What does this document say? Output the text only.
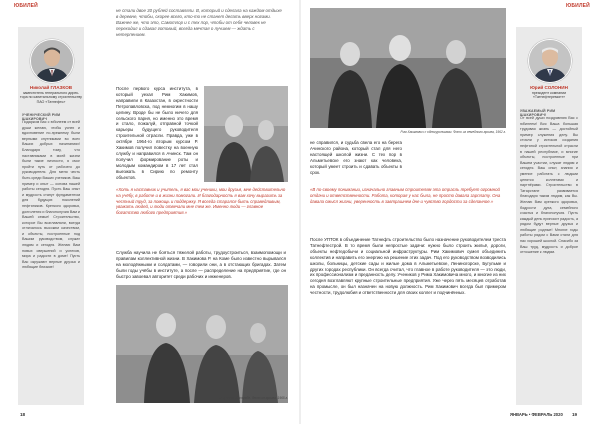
ЮБИЛЕЙ	ЮБИЛЕЙ
Николай ГЛАЗКОВ
заместитель генерального дирек-
тора по капитальному строительству
ПАО «Татнефть»
УЧЕНИЧЕСКИЙ РИМ ШАКИРОВИЧ
Подарком Вас с юбилеем от всей души желаю, чтобы успех и вдохновение по-прежнему были верными спутниками во всех Ваших добрых начинаниях! Благодаря тому, что наставниками в моей жизни были такие личности, я смог пройти путь от рабочего до руководителя. Для меня честь быть среди Ваших учеников. Ваш пример и опыт — основа нашей работы сегодня. Пусть Ваш опыт и мудрость станут фундаментом для будущих поколений нефтяников. Крепкого здоровья, долголетия и благополучия Вам и Вашей семье! Строительство, которое Вы возглавляли, всегда отличалось высоким качеством, и объекты, построенные под Вашим руководством, служат людям и сегодня. Желаю Вам новых свершений и успехов, мира и радости в доме! Пусть Вас окружают верные друзья и любящие близкие!
не стали двое 30 рублей составляли. В, который и сделала на каждом отдыхе в деревне, чтобы, скорее всего, кто-то не станет делать вверх ногами. Важнее же, что это, Самотлор и с тех пор, чтобы от себя человек не переходил и сдавал готовый, всегда мечтая о лучшем — ждать с нетерпением.
После первого курса института, в который уехал Рим Хакимов, направили в Казахстан, в окрестности Петропавловска, под немногим в нашу целину. Вроде бы не было ничего для сельского парня, но именно это время и стало, пожалуй, отправной точкой карьеры будущего руководителя строительной отрасли. Правда, уже в октябре 1964-го вторым курсом Р. Хакимов получил повестку на военную службу и направился в Ачинск. Там он получил формирование роты и молодым командиром в 17 лет стал выезжать в Сирию по ремонту объектов.
«Хоть я наставник и учитель, я вас мои ученики, мои друзья, мне действительно на учёбу, в работе и в жизни помогали. И благодарность я вам хочу выразить за честный труд, за помощь и поддержку. Я всегда старался быть справедливым, уважать людей, и люди отвечали мне тем же. Именно люди — главное богатство любого предприятия.»
Служба научила не бояться тяжелой работы, трудоустроиться, взаимопомощи и правилам коллективной жизни. В Хакимова Р. на Коме было известно вырывался на молодёжными и солдатами, — говорили они, а в отстающих бригадах. Затем были годы учёбы в институте, а после — распределение на предприятие, где он быстро завоевал авторитет среди рабочих и инженеров.
На армейской службе. Фото из архива, 1965 г.
Рим Хакимович с однокурсниками. Фото из семейного архива, 1962 г.
не справился, и судьба свела его на берега Ачинского района, который стал для него настоящей школой жизни. С тех пор в Альметьевске его знают как человека, который умеет строить и сдавать объекты в срок.
«В по-своему понимании, изначально главным строителям эта отрасль требует огромной отдачи и ответственности. Работа, которая у нас была, не просто давала зарплату. Она давала смысл жизни, уверенность в завтрашнем дне и чувство гордости за сделанное.»
После УПТОК в объединение Татнефть строительство было назначение руководителем треста Татнефтестрой. В то время были непростые задачи: нужно было строить жильё, дороги, объекты нефтедобычи и социальной инфраструктуры. Рим Хакимович сумел объединить коллектив и направить его энергию на решение этих задач. Под его руководством возводились школы, больницы, детские сады и жилые дома в Альметьевске, Лениногорске, Бугульме и других городах республики. Он всегда считал, что главное в работе руководителя — это люди, их профессионализм и преданность делу. Учеников у Рима Хакимовича много, и многие из них сегодня возглавляют крупные строительные предприятия. Уже через пять месяцев отработав на промысле, он был назначен на новую должность. Рим Хакимович всегда был примером честности, трудолюбия и ответственности для своих коллег и подчинённых.
Юрий СОЛОНИН
президент компании
«Татнефтеремонт»
УВАЖАЕМЫЙ РИМ ШАКИРОВИЧ!
От всей души поздравляю Вас с юбилеем! Вся Ваша большая трудовая жизнь — достойный пример служения делу. Вы стояли у истоков создания нефтяной строительной отрасли в нашей республике, и многие объекты, построенные при Вашем участии, служат людям и сегодня. Ваш опыт, знания и умение работать с людьми ценятся коллегами и партнёрами. Строительство в Татарстане развивается благодаря таким людям, как Вы. Желаю Вам крепкого здоровья, бодрости духа, семейного счастья и благополучия. Пусть каждый день приносит радость, а рядом будут верные друзья и любящие родные! Многие годы работы рядом с Вами стали для нас хорошей школой. Спасибо за Ваш труд, мудрость и доброе отношение к людям.
18	ЯНВАРЬ • ФЕВРАЛЬ 2020 19
